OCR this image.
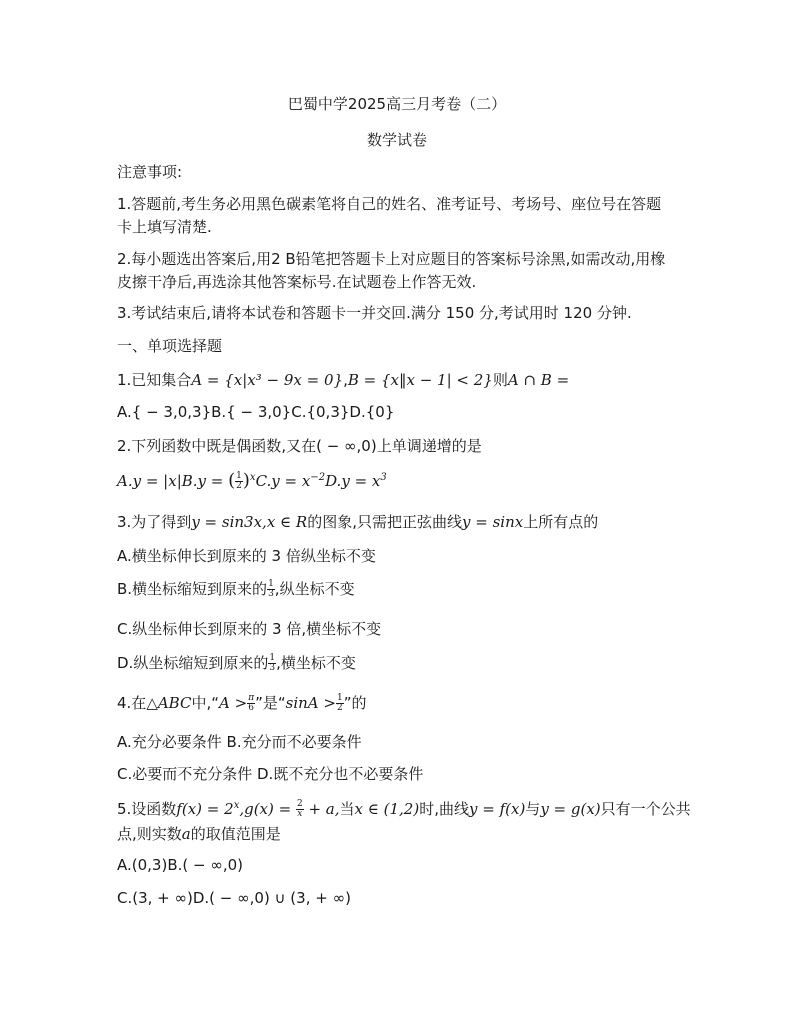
巴蜀中学2025高三月考卷（二）
数学试卷
注意事项:
1.答题前,考生务必用黑色碳素笔将自己的姓名、准考证号、考场号、座位号在答题
卡上填写清楚.
2.每小题选出答案后,用2 B铅笔把答题卡上对应题目的答案标号涂黑,如需改动,用橡
皮擦干净后,再选涂其他答案标号.在试题卷上作答无效.
3.考试结束后,请将本试卷和答题卡一并交回.满分 150 分,考试用时 120 分钟.
一、单项选择题
1.已知集合A = {x|x³ − 9x = 0},B = {x‖x − 1| < 2}则A ∩ B =
A.{ − 3,0,3}B.{ − 3,0}C.{0,3}D.{0}
2.下列函数中既是偶函数,又在( − ∞,0)上单调递增的是
A.y = |x|B.y = ( $\frac{1}{2} )^xC.y = x^{-2}D.y = x^3$
3.为了得到y = sin3x,x ∈ R的图象,只需把正弦曲线y = sinx上所有点的
A.横坐标伸长到原来的 3 倍纵坐标不变
B.横坐标缩短到原来的 $\frac{1}{3}$ ,纵坐标不变
C.纵坐标伸长到原来的 3 倍,横坐标不变
D.纵坐标缩短到原来的 $\frac{1}{3}$ ,横坐标不变
4.在△ABC中,“A > $\frac{\pi}{6}$ ”是“$\sin A > \frac{1}{2}$ ”的
A.充分必要条件 B.充分而不必要条件
C.必要而不充分条件 D.既不充分也不必要条件
5.设函数$f(x) = 2^x,g(x) = \frac{2}{x} + a$,当x ∈ (1,2)时,曲线y = f(x)与y = g(x)只有一个公共
点,则实数a的取值范围是
A.(0,3)B.( − ∞,0)
C.(3, + ∞)D.( − ∞,0) ∪ (3, + ∞)
